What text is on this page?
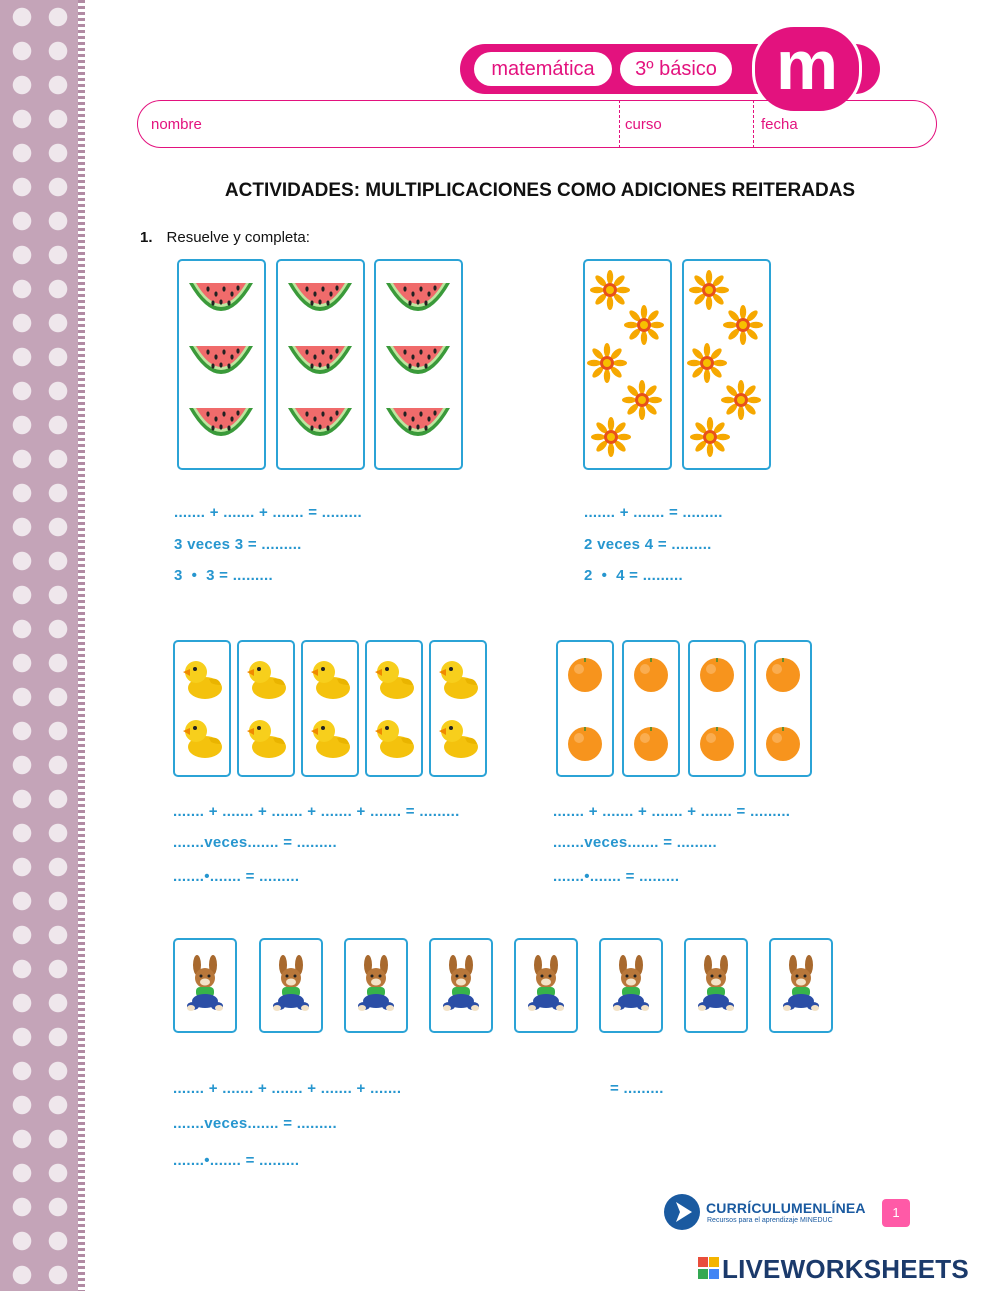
matemática	3º básico m
nombre	curso	fecha
ACTIVIDADES: MULTIPLICACIONES COMO ADICIONES REITERADAS
1. Resuelve y completa:
....... + ....... + ....... = .........
3 veces 3 = .........
3  •  3 = .........
....... + ....... = .........
2 veces 4 = .........
2  •  4 = .........
....... + ....... + ....... + ....... + ....... = .........
.......veces....... = .........
.......•....... = .........
....... + ....... + ....... + ....... = .........
.......veces....... = .........
.......•....... = .........
....... + ....... + ....... + ....... + .......	= .........
.......veces....... = .........
.......•....... = .........
CURRÍCULUMENLÍNEA
Recursos para el aprendizaje MINEDUC
1
LIVEWORKSHEETS
